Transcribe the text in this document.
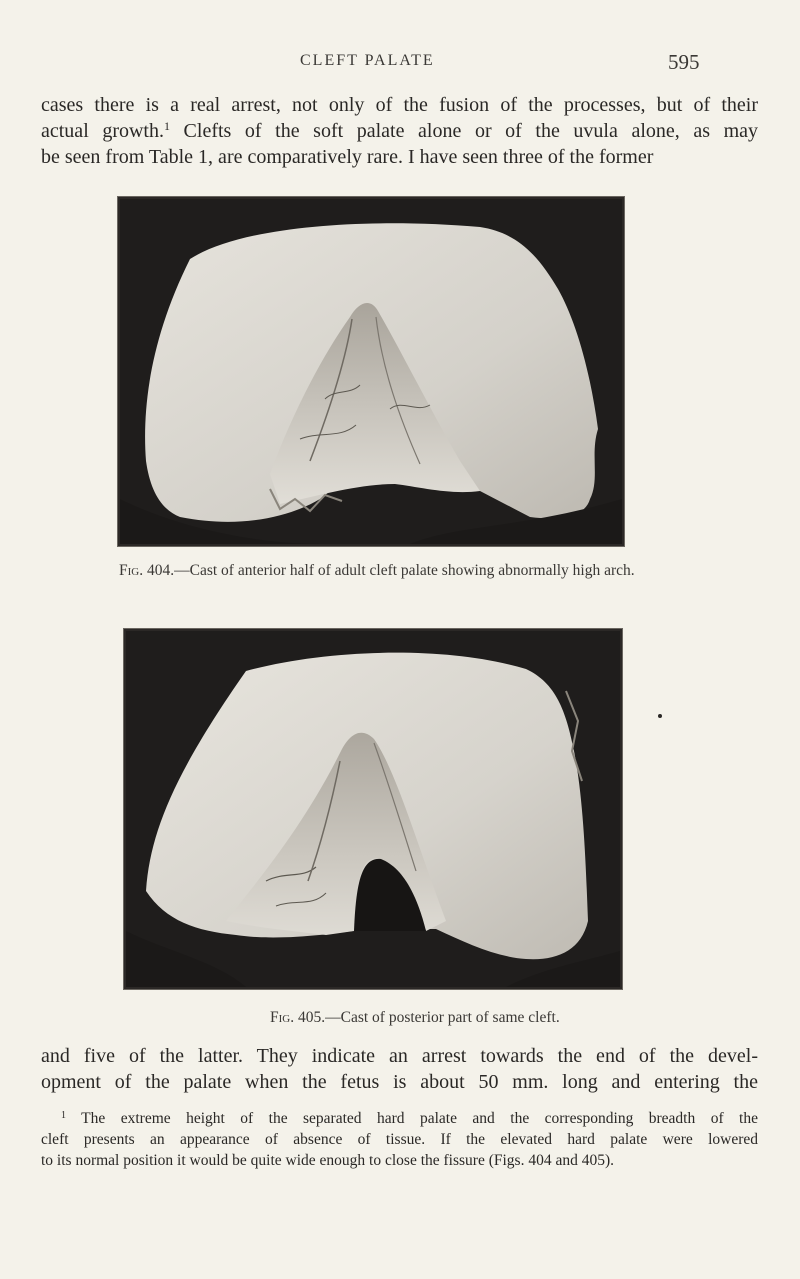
CLEFT PALATE	595

cases there is a real arrest, not only of the fusion of the processes, but of their
actual growth.$^1$ Clefts of the soft palate alone or of the uvula alone, as may
be seen from Table 1, are comparatively rare. I have seen three of the former

Fig. 404.—Cast of anterior half of adult cleft palate showing abnormally high arch.
Fig. 405.—Cast of posterior part of same cleft.

and five of the latter. They indicate an arrest towards the end of the devel-
opment of the palate when the fetus is about 50 mm. long and entering the

$^1$ The extreme height of the separated hard palate and the corresponding breadth of the
cleft presents an appearance of absence of tissue. If the elevated hard palate were lowered
to its normal position it would be quite wide enough to close the fissure (Figs. 404 and 405).
